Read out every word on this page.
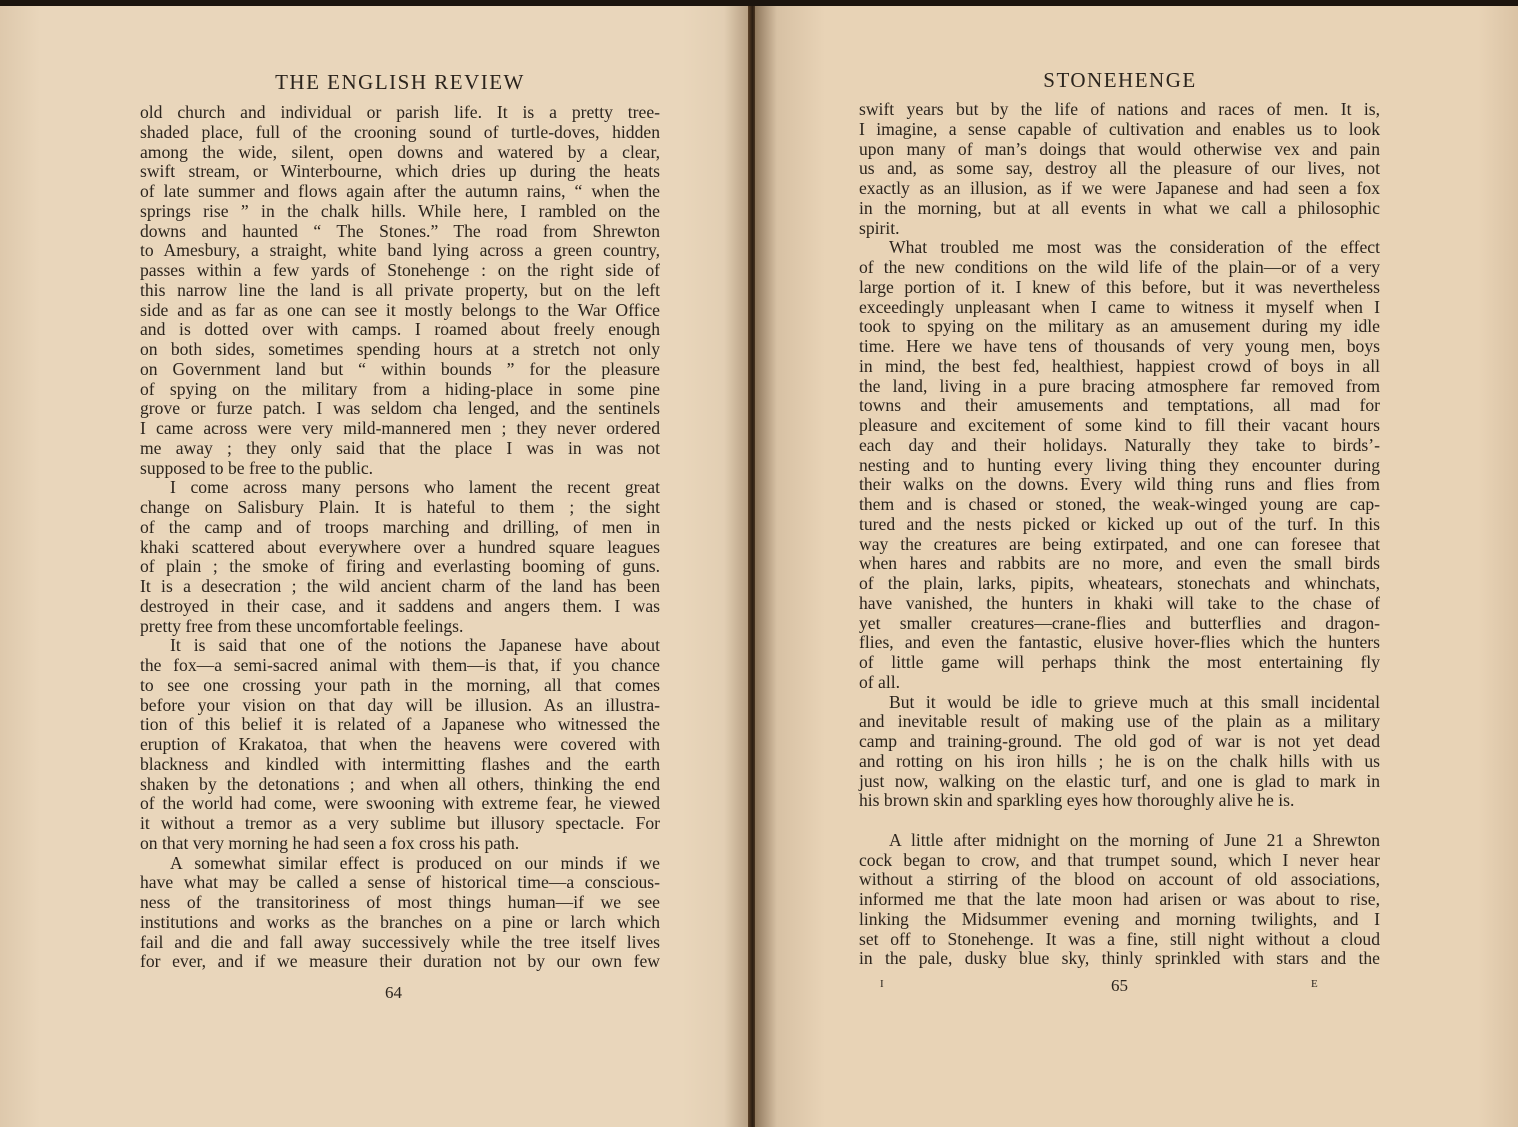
THE ENGLISH REVIEW
old church and individual or parish life. It is a pretty tree-
shaded place, full of the crooning sound of turtle-doves, hidden
among the wide, silent, open downs and watered by a clear,
swift stream, or Winterbourne, which dries up during the heats
of late summer and flows again after the autumn rains, “ when the
springs rise ” in the chalk hills. While here, I rambled on the
downs and haunted “ The Stones.” The road from Shrewton
to Amesbury, a straight, white band lying across a green country,
passes within a few yards of Stonehenge : on the right side of
this narrow line the land is all private property, but on the left
side and as far as one can see it mostly belongs to the War Office
and is dotted over with camps. I roamed about freely enough
on both sides, sometimes spending hours at a stretch not only
on Government land but “ within bounds ” for the pleasure
of spying on the military from a hiding-place in some pine
grove or furze patch. I was seldom cha lenged, and the sentinels
I came across were very mild-mannered men ; they never ordered
me away ; they only said that the place I was in was not
supposed to be free to the public.
I come across many persons who lament the recent great
change on Salisbury Plain. It is hateful to them ; the sight
of the camp and of troops marching and drilling, of men in
khaki scattered about everywhere over a hundred square leagues
of plain ; the smoke of firing and everlasting booming of guns.
It is a desecration ; the wild ancient charm of the land has been
destroyed in their case, and it saddens and angers them. I was
pretty free from these uncomfortable feelings.
It is said that one of the notions the Japanese have about
the fox—a semi-sacred animal with them—is that, if you chance
to see one crossing your path in the morning, all that comes
before your vision on that day will be illusion. As an illustra-
tion of this belief it is related of a Japanese who witnessed the
eruption of Krakatoa, that when the heavens were covered with
blackness and kindled with intermitting flashes and the earth
shaken by the detonations ; and when all others, thinking the end
of the world had come, were swooning with extreme fear, he viewed
it without a tremor as a very sublime but illusory spectacle. For
on that very morning he had seen a fox cross his path.
A somewhat similar effect is produced on our minds if we
have what may be called a sense of historical time—a conscious-
ness of the transitoriness of most things human—if we see
institutions and works as the branches on a pine or larch which
fail and die and fall away successively while the tree itself lives
for ever, and if we measure their duration not by our own few
64
STONEHENGE
swift years but by the life of nations and races of men. It is,
I imagine, a sense capable of cultivation and enables us to look
upon many of man’s doings that would otherwise vex and pain
us and, as some say, destroy all the pleasure of our lives, not
exactly as an illusion, as if we were Japanese and had seen a fox
in the morning, but at all events in what we call a philosophic
spirit.
What troubled me most was the consideration of the effect
of the new conditions on the wild life of the plain—or of a very
large portion of it. I knew of this before, but it was nevertheless
exceedingly unpleasant when I came to witness it myself when I
took to spying on the military as an amusement during my idle
time. Here we have tens of thousands of very young men, boys
in mind, the best fed, healthiest, happiest crowd of boys in all
the land, living in a pure bracing atmosphere far removed from
towns and their amusements and temptations, all mad for
pleasure and excitement of some kind to fill their vacant hours
each day and their holidays. Naturally they take to birds’-
nesting and to hunting every living thing they encounter during
their walks on the downs. Every wild thing runs and flies from
them and is chased or stoned, the weak-winged young are cap-
tured and the nests picked or kicked up out of the turf. In this
way the creatures are being extirpated, and one can foresee that
when hares and rabbits are no more, and even the small birds
of the plain, larks, pipits, wheatears, stonechats and whinchats,
have vanished, the hunters in khaki will take to the chase of
yet smaller creatures—crane-flies and butterflies and dragon-
flies, and even the fantastic, elusive hover-flies which the hunters
of little game will perhaps think the most entertaining fly
of all.
But it would be idle to grieve much at this small incidental
and inevitable result of making use of the plain as a military
camp and training-ground. The old god of war is not yet dead
and rotting on his iron hills ; he is on the chalk hills with us
just now, walking on the elastic turf, and one is glad to mark in
his brown skin and sparkling eyes how thoroughly alive he is.
A little after midnight on the morning of June 21 a Shrewton
cock began to crow, and that trumpet sound, which I never hear
without a stirring of the blood on account of old associations,
informed me that the late moon had arisen or was about to rise,
linking the Midsummer evening and morning twilights, and I
set off to Stonehenge. It was a fine, still night without a cloud
in the pale, dusky blue sky, thinly sprinkled with stars and the
I	65	E
